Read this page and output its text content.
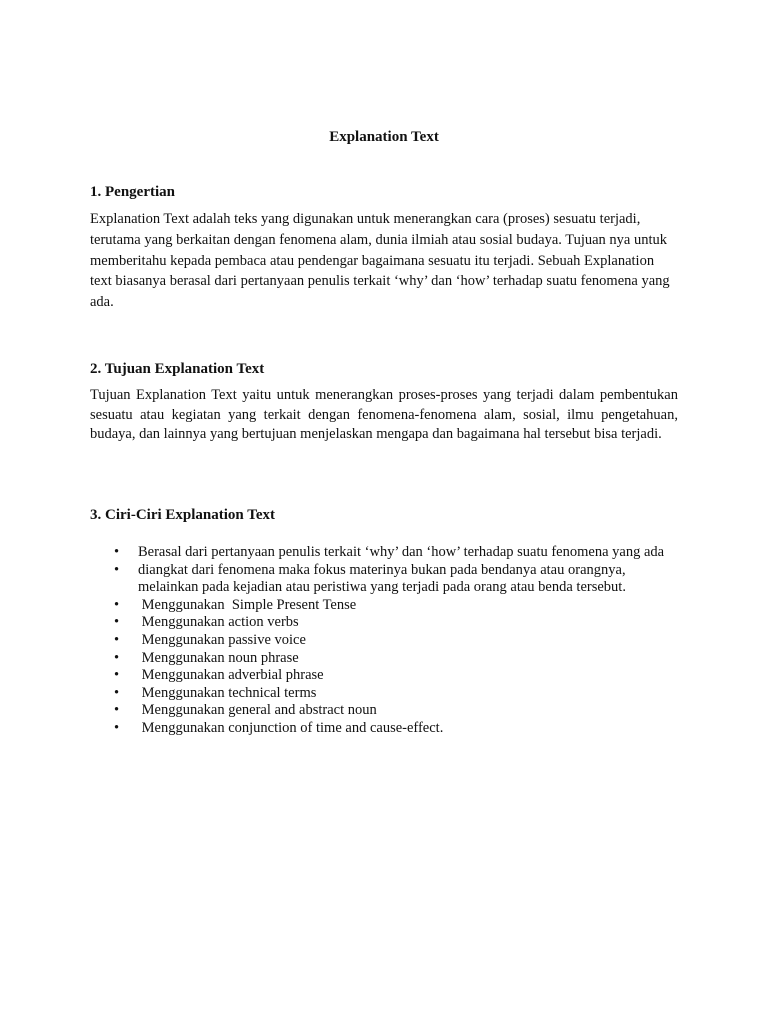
Explanation Text
1. Pengertian

Explanation Text adalah teks yang digunakan untuk menerangkan cara (proses) sesuatu terjadi, terutama yang berkaitan dengan fenomena alam, dunia ilmiah atau sosial budaya. Tujuan nya untuk memberitahu kepada pembaca atau pendengar bagaimana sesuatu itu terjadi. Sebuah Explanation text biasanya berasal dari pertanyaan penulis terkait ‘why’ dan ‘how’ terhadap suatu fenomena yang ada.

2. Tujuan Explanation Text

Tujuan Explanation Text yaitu untuk menerangkan proses-proses yang terjadi dalam pembentukan sesuatu atau kegiatan yang terkait dengan fenomena-fenomena alam, sosial, ilmu pengetahuan, budaya, dan lainnya yang bertujuan menjelaskan mengapa dan bagaimana hal tersebut bisa terjadi.

3. Ciri-Ciri Explanation Text
•	Berasal dari pertanyaan penulis terkait ‘why’ dan ‘how’ terhadap suatu fenomena yang ada
•	diangkat dari fenomena maka fokus materinya bukan pada bendanya atau orangnya, melainkan pada kejadian atau peristiwa yang terjadi pada orang atau benda tersebut.
•	Menggunakan  Simple Present Tense
•	Menggunakan action verbs
•	Menggunakan passive voice
•	Menggunakan noun phrase
•	Menggunakan adverbial phrase
•	Menggunakan technical terms
•	Menggunakan general and abstract noun
•	Menggunakan conjunction of time and cause-effect.
